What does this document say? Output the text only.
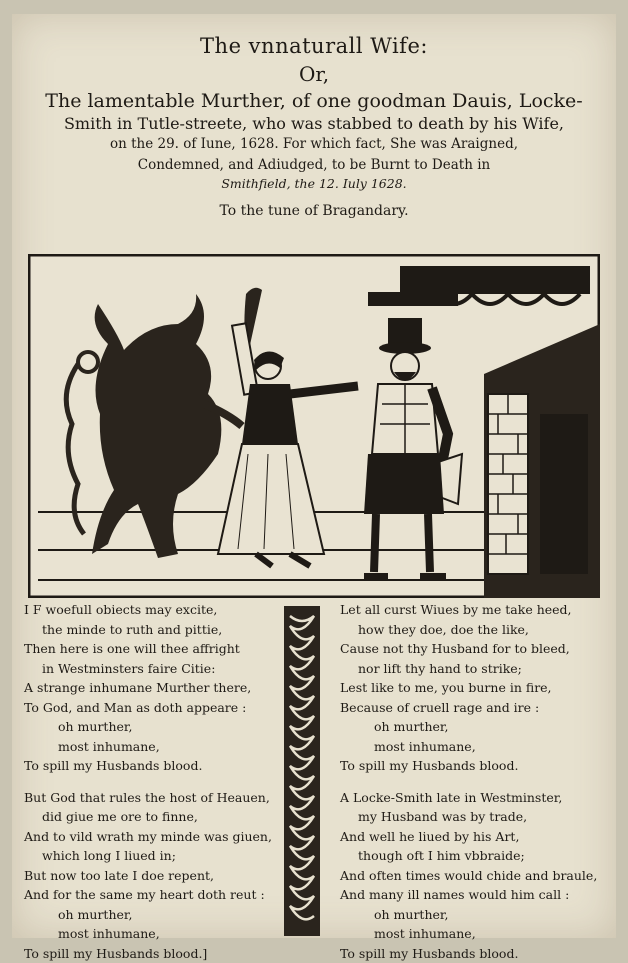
The vnnaturall Wife:
Or,
The lamentable Murther, of one goodman Dauis, Locke-
Smith in Tutle-streete, who was stabbed to death by his Wife,
on the 29. of Iune, 1628. For which fact, She was Araigned,
Condemned, and Adiudged, to be Burnt to Death in
Smithfield, the 12. Iuly 1628.
To the tune of Bragandary.
I F woefull obiects may excite,
the minde to ruth and pittie,
Then here is one will thee affright
in Westminsters faire Citie:
A strange inhumane Murther there,
To God, and Man as doth appeare :
oh murther,
most inhumane,
To spill my Husbands blood.
But God that rules the host of Heauen,
did giue me ore to finne,
And to vild wrath my minde was giuen,
which long I liued in;
But now too late I doe repent,
And for the same my heart doth reut :
oh murther,
most inhumane,
To spill my Husbands blood.]
Let all curst Wiues by me take heed,
how they doe, doe the like,
Cause not thy Husband for to bleed,
nor lift thy hand to strike;
Lest like to me, you burne in fire,
Because of cruell rage and ire :
oh murther,
most inhumane,
To spill my Husbands blood.
A Locke-Smith late in Westminster,
my Husband was by trade,
And well he liued by his Art,
though oft I him vbbraide;
And often times would chide and braule,
And many ill names would him call :
oh murther,
most inhumane,
To spill my Husbands blood.
